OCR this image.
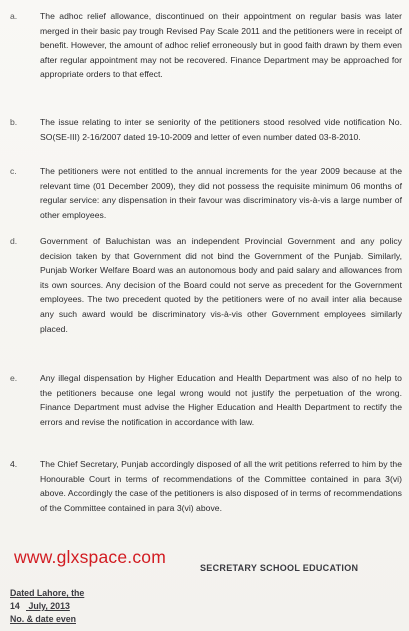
a.	The adhoc relief allowance, discontinued on their appointment on regular basis was later merged in their basic pay trough Revised Pay Scale 2011 and the petitioners were in receipt of benefit. However, the amount of adhoc relief erroneously but in good faith drawn by them even after regular appointment may not be recovered. Finance Department may be approached for appropriate orders to that effect.
b.	The issue relating to inter se seniority of the petitioners stood resolved vide notification No. SO(SE-III) 2-16/2007 dated 19-10-2009 and letter of even number dated 03-8-2010.
c.	The petitioners were not entitled to the annual increments for the year 2009 because at the relevant time (01 December 2009), they did not possess the requisite minimum 06 months of regular service: any dispensation in their favour was discriminatory vis-à-vis a large number of other employees.
d.	Government of Baluchistan was an independent Provincial Government and any policy decision taken by that Government did not bind the Government of the Punjab. Similarly, Punjab Worker Welfare Board was an autonomous body and paid salary and allowances from its own sources. Any decision of the Board could not serve as precedent for the Government employees. The two precedent quoted by the petitioners were of no avail inter alia because any such award would be discriminatory vis-à-vis other Government employees similarly placed.
e.	Any illegal dispensation by Higher Education and Health Department was also of no help to the petitioners because one legal wrong would not justify the perpetuation of the wrong. Finance Department must advise the Higher Education and Health Department to rectify the errors and revise the notification in accordance with law.
4.	The Chief Secretary, Punjab accordingly disposed of all the writ petitions referred to him by the Honourable Court in terms of recommendations of the Committee contained in para 3(vi) above. Accordingly the case of the petitioners is also disposed of in terms of recommendations of the Committee contained in para 3(vi) above.
www.glxspace.com
SECRETARY SCHOOL EDUCATION
Dated Lahore, the
14 July, 2013
No. & date even
